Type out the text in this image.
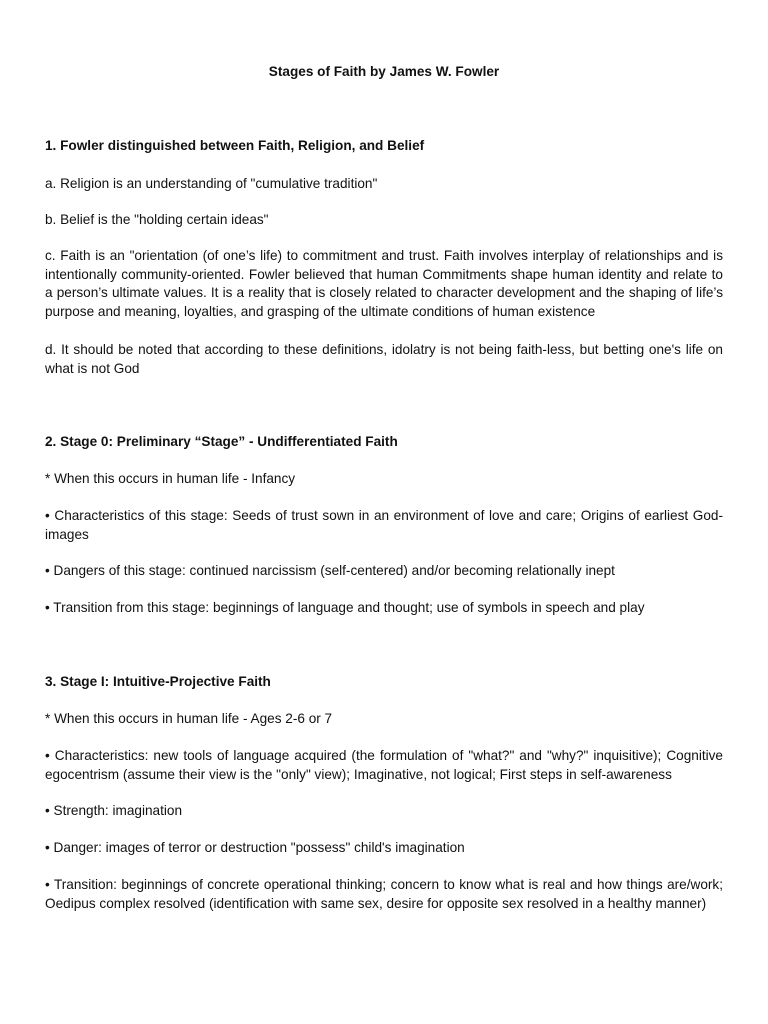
Stages of Faith by James W. Fowler
1. Fowler distinguished between Faith, Religion, and Belief

a. Religion is an understanding of "cumulative tradition"

b. Belief is the "holding certain ideas"

c. Faith is an "orientation (of one’s life) to commitment and trust. Faith involves interplay of relationships and is intentionally community-oriented. Fowler believed that human Commitments shape human identity and relate to a person’s ultimate values. It is a reality that is closely related to character development and the shaping of life’s purpose and meaning, loyalties, and grasping of the ultimate conditions of human existence

d. It should be noted that according to these definitions, idolatry is not being faith-less, but betting one's life on what is not God

2. Stage 0: Preliminary “Stage” - Undifferentiated Faith

* When this occurs in human life - Infancy

• Characteristics of this stage: Seeds of trust sown in an environment of love and care; Origins of earliest God-images

• Dangers of this stage: continued narcissism (self-centered) and/or becoming relationally inept

• Transition from this stage: beginnings of language and thought; use of symbols in speech and play

3. Stage I: Intuitive-Projective Faith

* When this occurs in human life - Ages 2-6 or 7

• Characteristics: new tools of language acquired (the formulation of "what?" and "why?" inquisitive); Cognitive egocentrism (assume their view is the "only" view); Imaginative, not logical; First steps in self-awareness

• Strength: imagination

• Danger: images of terror or destruction "possess" child's imagination

• Transition: beginnings of concrete operational thinking; concern to know what is real and how things are/work; Oedipus complex resolved (identification with same sex, desire for opposite sex resolved in a healthy manner)
